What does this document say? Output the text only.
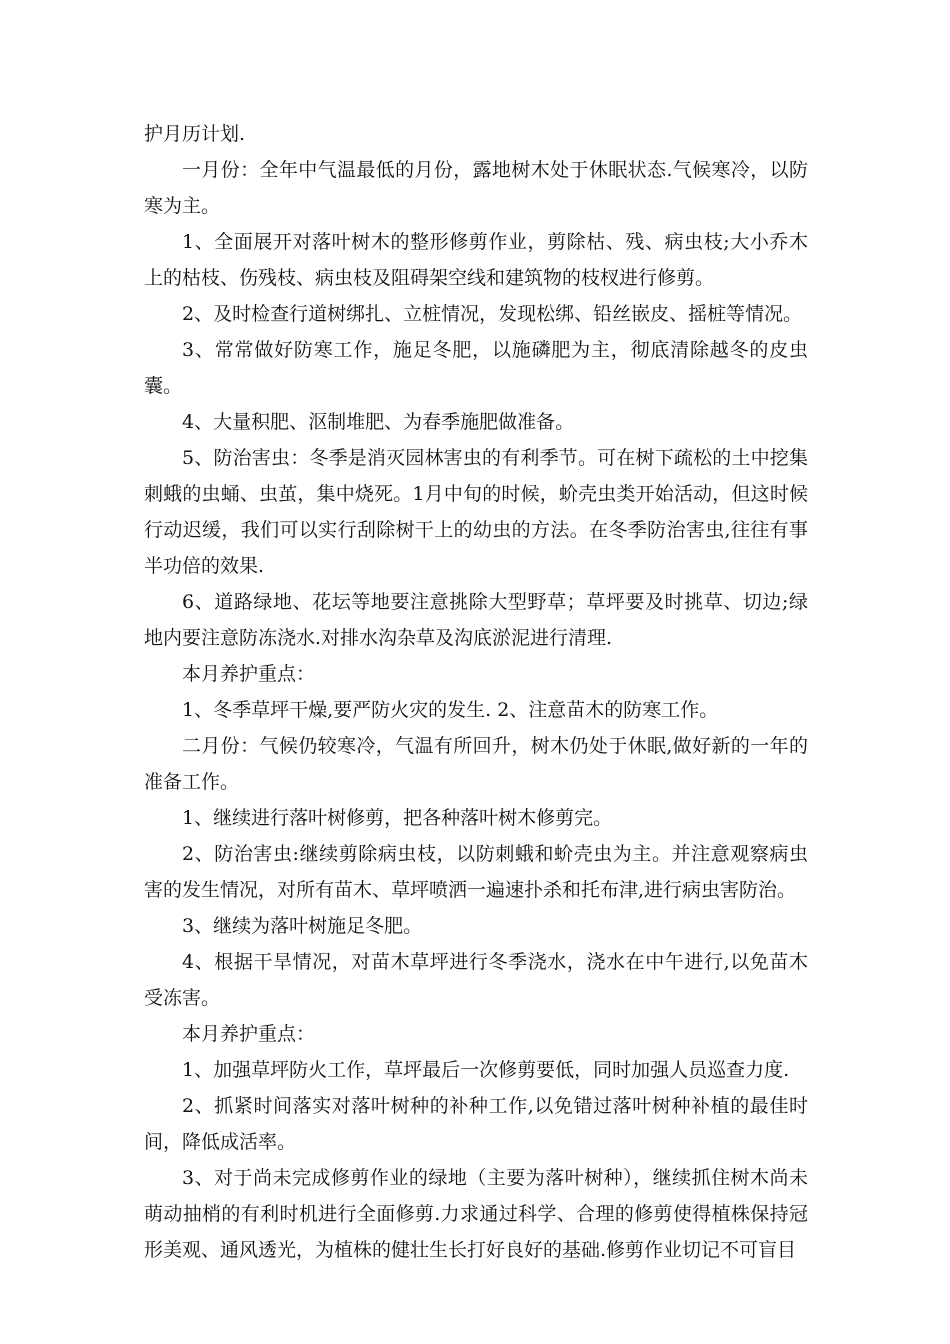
护月历计划.

一月份：全年中气温最低的月份，露地树木处于休眠状态.气候寒冷，以防寒为主。

1、全面展开对落叶树木的整形修剪作业，剪除枯、残、病虫枝;大小乔木上的枯枝、伤残枝、病虫枝及阻碍架空线和建筑物的枝杈进行修剪。

2、及时检查行道树绑扎、立桩情况，发现松绑、铅丝嵌皮、摇桩等情况。

3、常常做好防寒工作，施足冬肥，以施磷肥为主，彻底清除越冬的皮虫囊。

4、大量积肥、沤制堆肥、为春季施肥做准备。

5、防治害虫：冬季是消灭园林害虫的有利季节。可在树下疏松的土中挖集刺蛾的虫蛹、虫茧，集中烧死。1月中旬的时候，蚧壳虫类开始活动，但这时候行动迟缓，我们可以实行刮除树干上的幼虫的方法。在冬季防治害虫,往往有事半功倍的效果.

6、道路绿地、花坛等地要注意挑除大型野草；草坪要及时挑草、切边;绿地内要注意防冻浇水.对排水沟杂草及沟底淤泥进行清理.

本月养护重点：

1、冬季草坪干燥,要严防火灾的发生. 2、注意苗木的防寒工作。

二月份：气候仍较寒冷，气温有所回升，树木仍处于休眠,做好新的一年的准备工作。

1、继续进行落叶树修剪，把各种落叶树木修剪完。

2、防治害虫:继续剪除病虫枝，以防刺蛾和蚧壳虫为主。并注意观察病虫害的发生情况，对所有苗木、草坪喷洒一遍速扑杀和托布津,进行病虫害防治。

3、继续为落叶树施足冬肥。

4、根据干旱情况，对苗木草坪进行冬季浇水，浇水在中午进行,以免苗木受冻害。

本月养护重点：

1、加强草坪防火工作，草坪最后一次修剪要低，同时加强人员巡查力度.

2、抓紧时间落实对落叶树种的补种工作,以免错过落叶树种补植的最佳时间，降低成活率。

3、对于尚未完成修剪作业的绿地（主要为落叶树种），继续抓住树木尚未萌动抽梢的有利时机进行全面修剪.力求通过科学、合理的修剪使得植株保持冠形美观、通风透光，为植株的健壮生长打好良好的基础.修剪作业切记不可盲目
